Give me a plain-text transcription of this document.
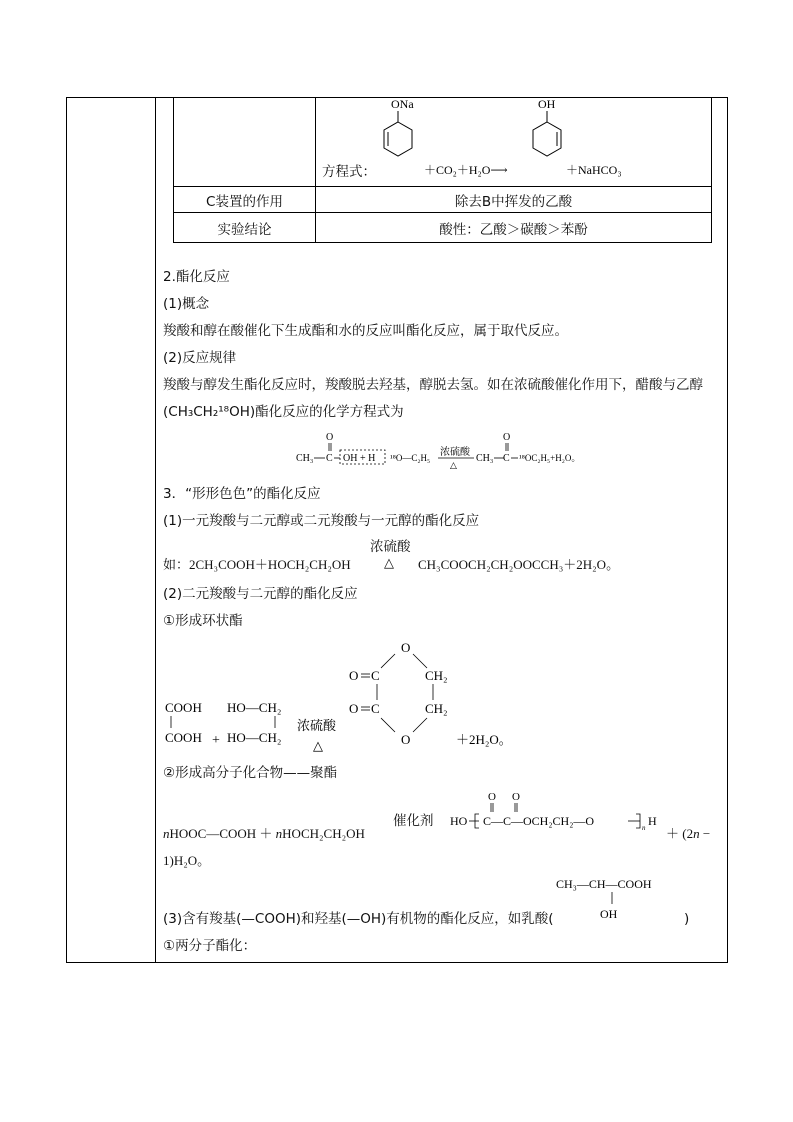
	方程式：
ONa
＋CO₂＋H₂O⟶
OH
＋NaHCO₃

C装置的作用	除去B中挥发的乙酸
实验结论	酸性：乙酸＞碳酸＞苯酚
2.酯化反应
(1)概念
羧酸和醇在酸催化下生成酯和水的反应叫酯化反应，属于取代反应。
(2)反应规律
羧酸与醇发生酯化反应时，羧酸脱去羟基，醇脱去氢。如在浓硫酸催化作用下，醋酸与乙醇
(CH₃CH₂¹⁸OH)酯化反应的化学方程式为
CH₃
O
C OH + H ¹⁸O—C₂H₅ 浓硫酸
△
CH₃
O
C ¹⁸OC₂H₅+H₂O。
3．“形形色色”的酯化反应
(1)一元羧酸与二元醇或二元羧酸与一元醇的酯化反应
如：2CH₃COOH＋HOCH₂CH₂OH
浓硫酸
△ CH₃COOCH₂CH₂OOCCH₃＋2H₂O。
(2)二元羧酸与二元醇的酯化反应
①形成环状酯
COOH
COOH +
HO—CH₂
HO—CH₂
浓硫酸
△
O
O C	CH₂
O C	CH₂
O	＋2H₂O。
②形成高分子化合物——聚酯
nHOOC—COOH ＋ nHOCH₂CH₂OH
催化剂
O O
HO C—C—OCH₂CH₂—O	n H
＋ (2n −
1)H₂O。
CH₃—CH—COOH
OH
(3)含有羧基(—COOH)和羟基(—OH)有机物的酯化反应，如乳酸(	)
①两分子酯化：
